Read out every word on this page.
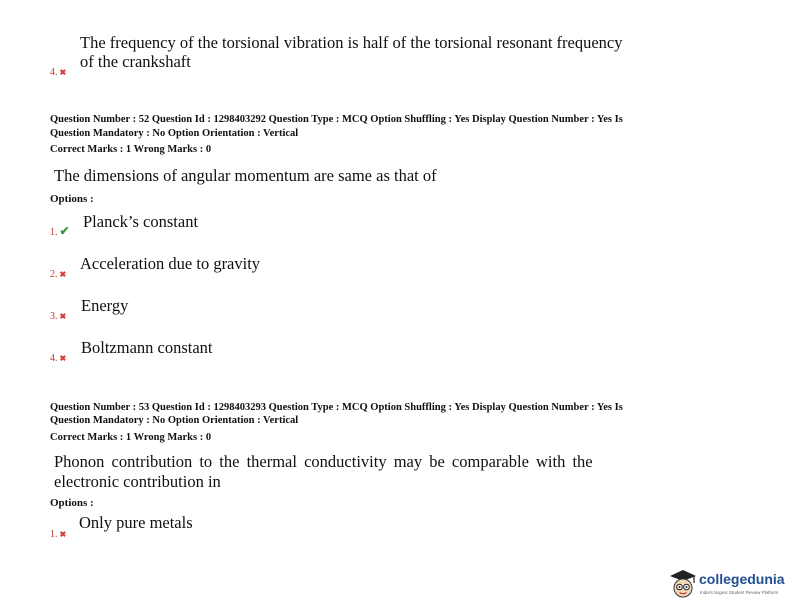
The frequency of the torsional vibration is half of the torsional resonant frequency
4. ✖
of the crankshaft
Question Number : 52 Question Id : 1298403292 Question Type : MCQ Option Shuffling : Yes Display Question Number : Yes Is
Question Mandatory : No Option Orientation : Vertical
Correct Marks : 1 Wrong Marks : 0
The dimensions of angular momentum are same as that of
Options :
1. ✔ Planck’s constant
2. ✖
Acceleration due to gravity
3. ✖
Energy
4. ✖
Boltzmann constant
Question Number : 53 Question Id : 1298403293 Question Type : MCQ Option Shuffling : Yes Display Question Number : Yes Is
Question Mandatory : No Option Orientation : Vertical
Correct Marks : 1 Wrong Marks : 0
Phonon contribution to the thermal conductivity may be comparable with the
electronic contribution in
Options :
1. ✖
Only pure metals
collegedunia
India's largest Student Review Platform
